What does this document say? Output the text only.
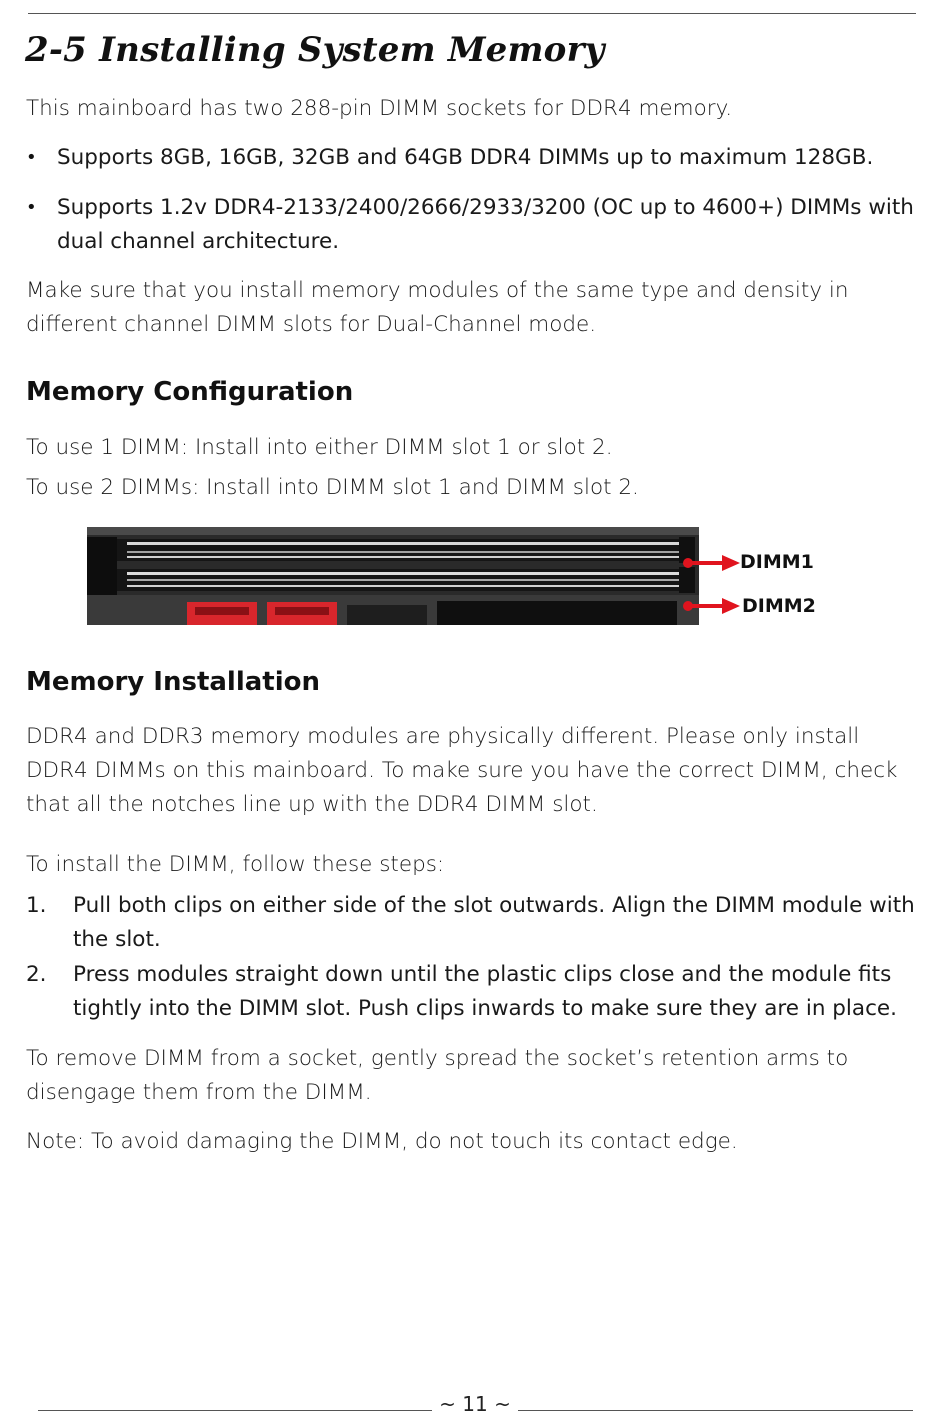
2-5 Installing System Memory

This mainboard has two 288-pin DIMM sockets for DDR4 memory.

• Supports 8GB, 16GB, 32GB and 64GB DDR4 DIMMs up to maximum 128GB.

• Supports 1.2v DDR4-2133/2400/2666/2933/3200 (OC up to 4600+) DIMMs with dual channel architecture.

Make sure that you install memory modules of the same type and density in different channel DIMM slots for Dual-Channel mode.

Memory Configuration

To use 1 DIMM: Install into either DIMM slot 1 or slot 2.

To use 2 DIMMs: Install into DIMM slot 1 and DIMM slot 2.

DIMM1
DIMM2
Memory Installation

DDR4 and DDR3 memory modules are physically different. Please only install DDR4 DIMMs on this mainboard. To make sure you have the correct DIMM, check that all the notches line up with the DDR4 DIMM slot.

To install the DIMM, follow these steps:

1. Pull both clips on either side of the slot outwards. Align the DIMM module with the slot.

2. Press modules straight down until the plastic clips close and the module fits tightly into the DIMM slot. Push clips inwards to make sure they are in place.

To remove DIMM from a socket, gently spread the socket’s retention arms to disengage them from the DIMM.

Note: To avoid damaging the DIMM, do not touch its contact edge.

~ 11 ~
